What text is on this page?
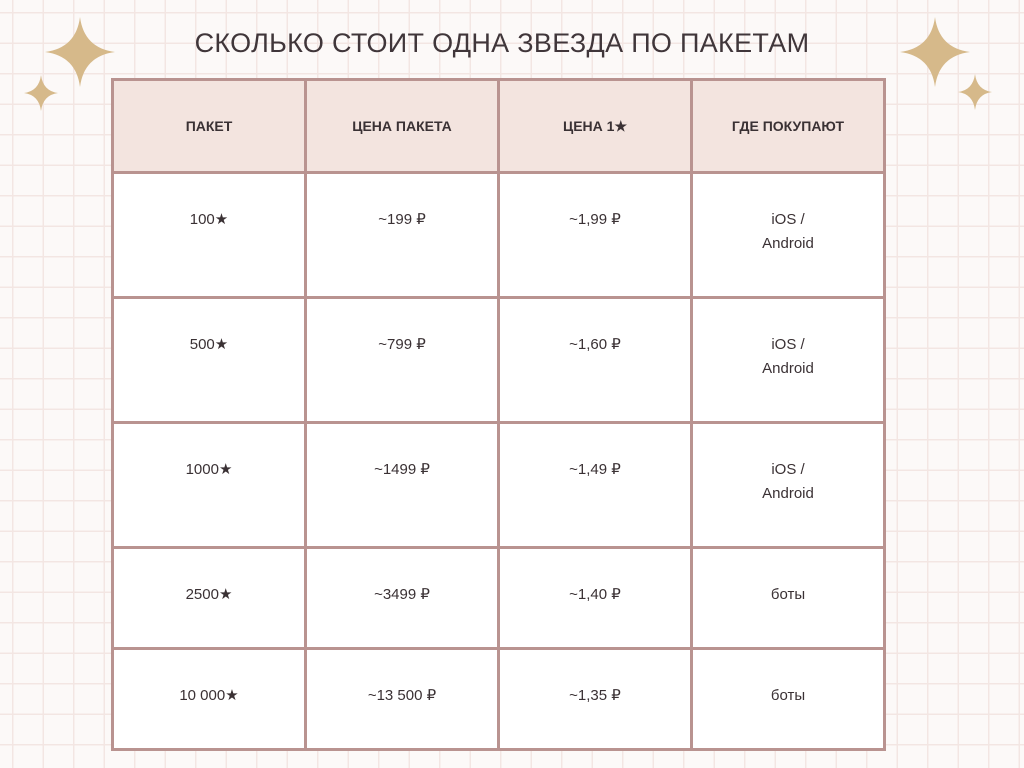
СКОЛЬКО СТОИТ ОДНА ЗВЕЗДА ПО ПАКЕТАМ
ПАКЕТ	ЦЕНА ПАКЕТА	ЦЕНА 1★	ГДЕ ПОКУПАЮТ
100★	~199 ₽	~1,99 ₽	iOS /
Android

500★	~799 ₽	~1,60 ₽	iOS /
Android

1000★	~1499 ₽	~1,49 ₽	iOS /
Android

2500★	~3499 ₽	~1,40 ₽	боты

10 000★	~13 500 ₽	~1,35 ₽	боты
